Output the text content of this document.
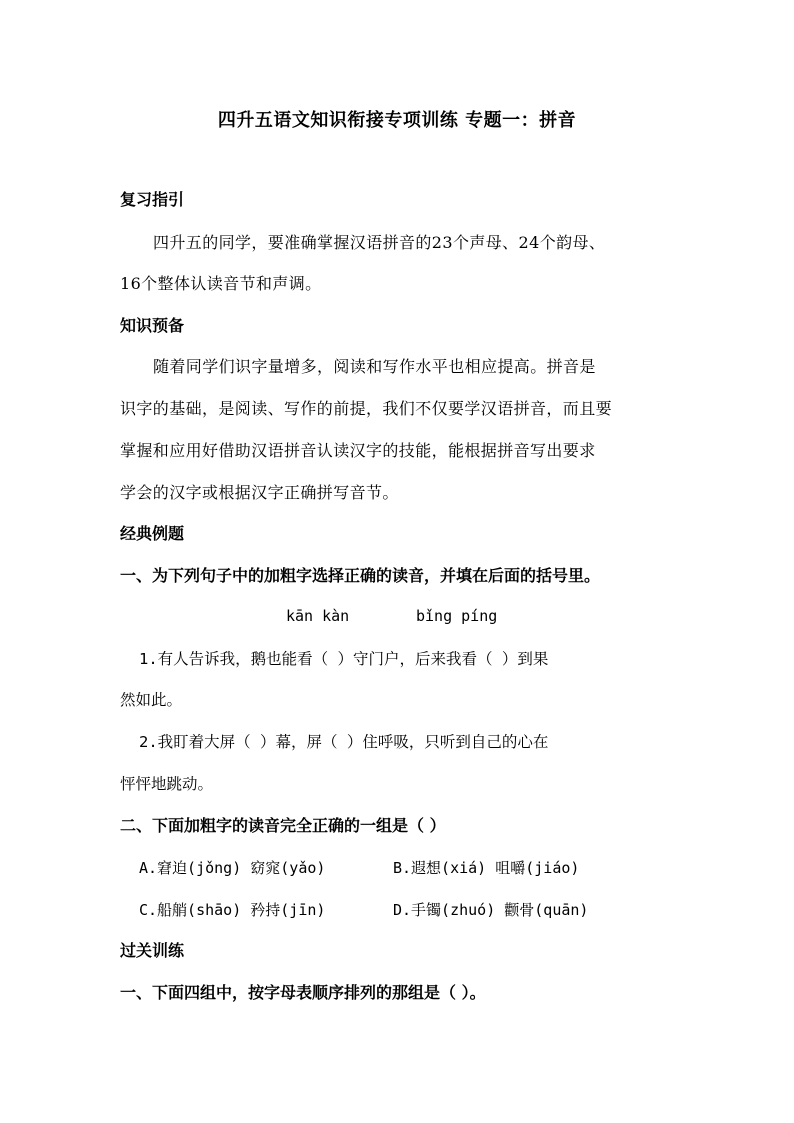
四升五语文知识衔接专项训练 专题一：拼音
复习指引
四升五的同学，要准确掌握汉语拼音的23个声母、24个韵母、
16个整体认读音节和声调。
知识预备
随着同学们识字量增多，阅读和写作水平也相应提高。拼音是
识字的基础，是阅读、写作的前提，我们不仅要学汉语拼音，而且要
掌握和应用好借助汉语拼音认读汉字的技能，能根据拼音写出要求
学会的汉字或根据汉字正确拼写音节。
经典例题
一、为下列句子中的加粗字选择正确的读音，并填在后面的括号里。
kān kàn	bǐng píng
1.有人告诉我，鹅也能看（ ）守门户，后来我看（ ）到果
然如此。
2.我盯着大屏（ ）幕，屏（ ）住呼吸，只听到自己的心在
怦怦地跳动。
二、下面加粗字的读音完全正确的一组是（ ）
A.窘迫(jǒng) 窈窕(yǎo)	B.遐想(xiá) 咀嚼(jiáo)
C.船艄(shāo) 矜持(jīn)	D.手镯(zhuó) 颧骨(quān)
过关训练
一、下面四组中，按字母表顺序排列的那组是（ ）。
